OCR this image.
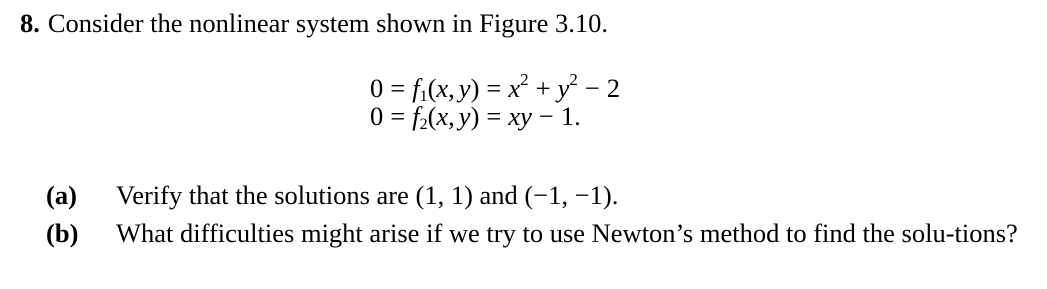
8. Consider the nonlinear system shown in Figure 3.10.
$0 = f_1(x$, $y) = x^2 + y^2 - 2$
$0 = f_2(x$, y) = xy − 1.
(a)	Verify that the solutions are (1, 1) and (−1, −1).
(b)	What difficulties might arise if we try to use Newton’s method to find the solu-tions?
